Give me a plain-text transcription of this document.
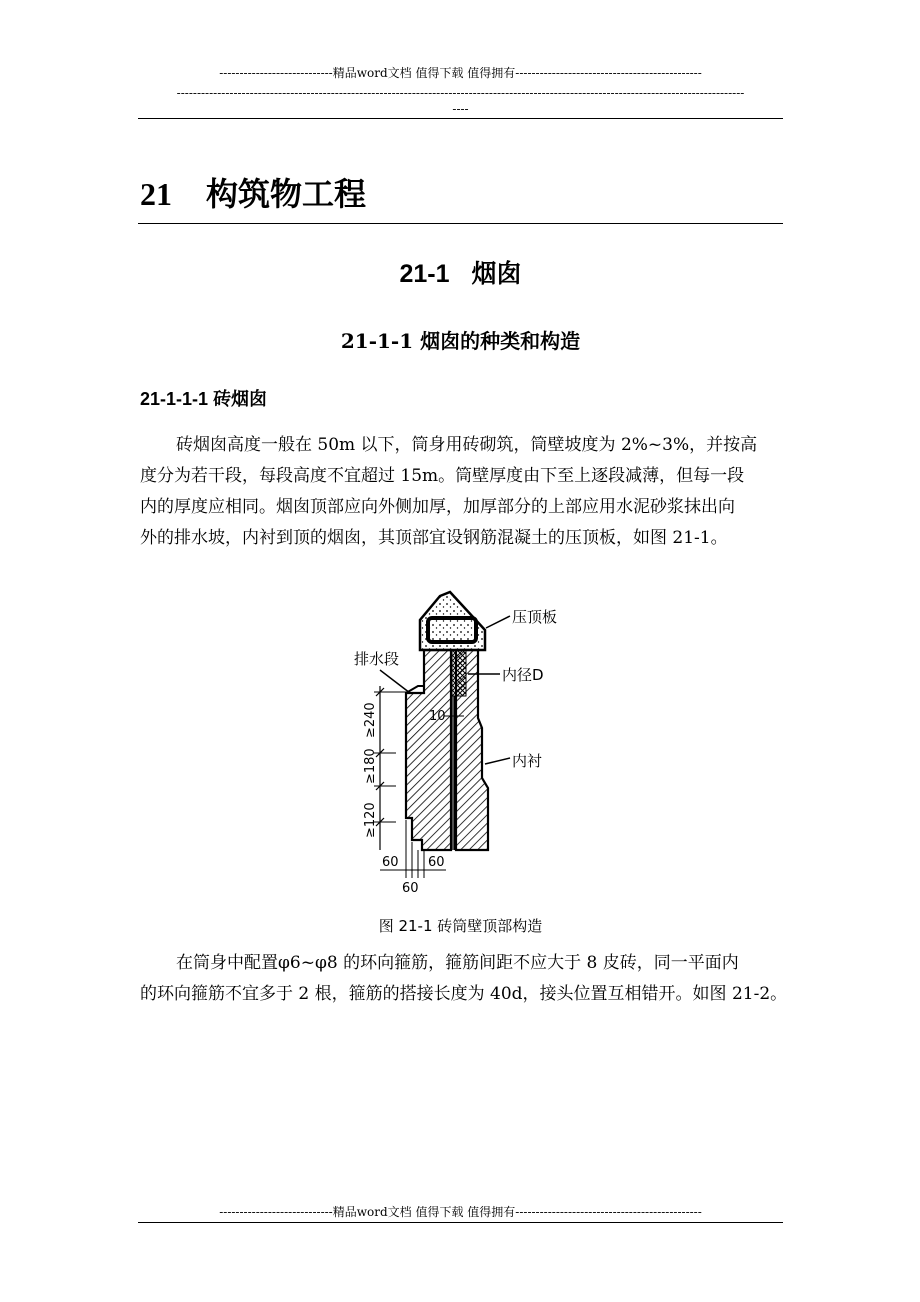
----------------------------精品word文档 值得下载 值得拥有----------------------------------------------
--------------------------------------------------------------------------------------------------------------------------------------------
----
21 构筑物工程
21-1 烟囱
21-1-1 烟囱的种类和构造
21-1-1-1 砖烟囱
砖烟囱高度一般在 50m 以下，筒身用砖砌筑，筒壁坡度为 2%~3%，并按高
度分为若干段，每段高度不宜超过 15m。筒壁厚度由下至上逐段减薄，但每一段
内的厚度应相同。烟囱顶部应向外侧加厚，加厚部分的上部应用水泥砂浆抹出向
外的排水坡，内衬到顶的烟囱，其顶部宜设钢筋混凝土的压顶板，如图 21-1。
10
≥240
≥180
≥120
60 60
60
压顶板
排水段
内径D
内衬
图 21-1 砖筒壁顶部构造
在筒身中配置φ6~φ8 的环向箍筋，箍筋间距不应大于 8 皮砖，同一平面内
的环向箍筋不宜多于 2 根，箍筋的搭接长度为 40d，接头位置互相错开。如图 21-2。
----------------------------精品word文档 值得下载 值得拥有----------------------------------------------
